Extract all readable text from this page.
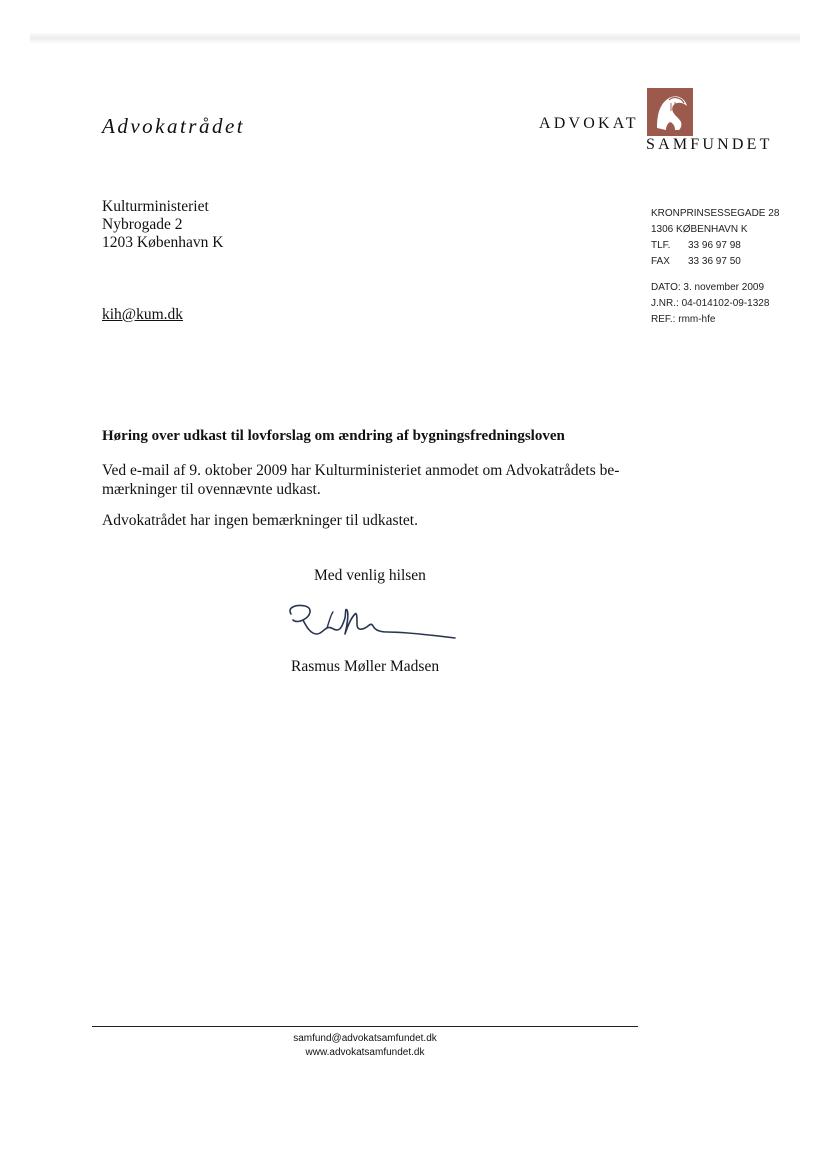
Advokatrådet	ADVOKAT
SAMFUNDET
Kulturministeriet
Nybrogade 2
1203 København K
kih@kum.dk
KRONPRINSESSEGADE 28
1306 KØBENHAVN K
TLF. 33 96 97 98
FAX 33 36 97 50
DATO: 3. november 2009
J.NR.: 04-014102-09-1328
REF.: rmm-hfe
Høring over udkast til lovforslag om ændring af bygningsfredningsloven
Ved e-mail af 9. oktober 2009 har Kulturministeriet anmodet om Advokatrådets be-
mærkninger til ovennævnte udkast.
Advokatrådet har ingen bemærkninger til udkastet.
Med venlig hilsen
Rasmus Møller Madsen
samfund@advokatsamfundet.dk
www.advokatsamfundet.dk
